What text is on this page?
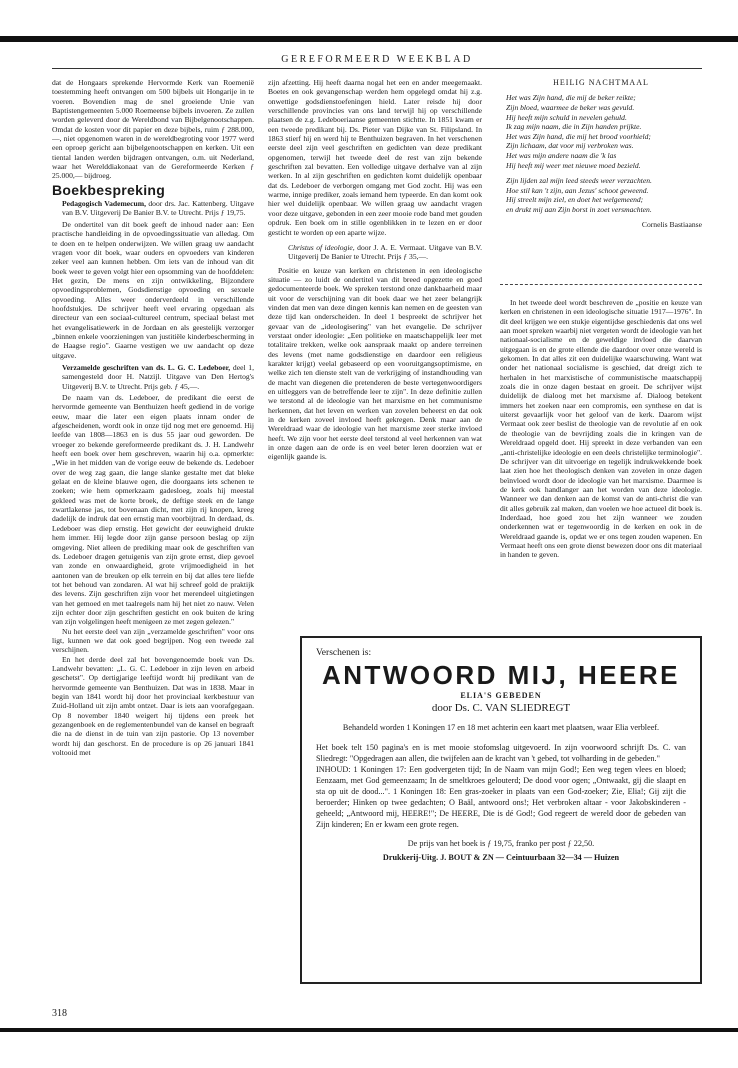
GEREFORMEERD WEEKBLAD

dat de Hongaars sprekende Hervormde Kerk van Roemenië toestemming heeft ontvangen om 500 bijbels uit Hongarije in te voeren. Bovendien mag de snel groeiende Unie van Baptistengemeenten 5.000 Roemeense bijbels invoeren. Ze zullen worden geleverd door de Wereldbond van Bijbelgenootschappen. Omdat de kosten voor dit papier en deze bijbels, ruim ƒ 288.000,—, niet opgenomen waren in de wereldbegroting voor 1977 werd een oproep gericht aan bijbelgenootschappen en kerken. Uit een tiental landen werden bijdragen ontvangen, o.m. uit Nederland, waar het Werelddiakonaat van de Gereformeerde Kerken ƒ 25.000,— bijdroeg.

Boekbespreking
Pedagogisch Vademecum, door drs. Jac. Kattenberg. Uitgave van B.V. Uitgeverij De Banier B.V. te Utrecht. Prijs ƒ 19,75.

De ondertitel van dit boek geeft de inhoud nader aan: Een practische handleiding in de opvoedingssituatie van alledag. Om te doen en te helpen onderwijzen. We willen graag uw aandacht vragen voor dit boek, waar ouders en opvoeders van kinderen zeker veel aan kunnen hebben. Om iets van de inhoud van dit boek weer te geven volgt hier een opsomming van de hoofddelen: Het gezin, De mens en zijn ontwikkeling, Bijzondere opvoedingsproblemen, Godsdienstige opvoeding en sexuele opvoeding. Alles weer onderverdeeld in verschillende hoofdstukjes. De schrijver heeft veel ervaring opgedaan als directeur van een sociaal-cultureel centrum, speciaal belast met het evangelisatiewerk in de Jordaan en als geestelijk verzorger „binnen enkele voorzieningen van justitiële kinderbescherming in de Haagse regio". Gaarne vestigen we uw aandacht op deze uitgave.

Verzamelde geschriften van ds. L. G. C. Ledeboer, deel 1, samengesteld door H. Natzijl. Uitgave van Den Hertog's Uitgeverij B.V. te Utrecht. Prijs geb. ƒ 45,—.

De naam van ds. Ledeboer, de predikant die eerst de hervormde gemeente van Benthuizen heeft gediend in de vorige eeuw, maar die later een eigen plaats innam onder de afgescheidenen, wordt ook in onze tijd nog met ere genoemd. Hij leefde van 1808—1863 en is dus 55 jaar oud geworden. De vroeger zo bekende gereformeerde predikant ds. J. H. Landwehr heeft een boek over hem geschreven, waarin hij o.a. opmerkte: „Wie in het midden van de vorige eeuw de bekende ds. Ledeboer over de weg zag gaan, die lange slanke gestalte met dat bleke gelaat en de kleine blauwe ogen, die doorgaans iets schenen te zoeken; wie hem opmerkzaam gadesloeg, zoals hij meestal gekleed was met de korte broek, de deftige steek en de lange zwartlakense jas, tot bovenaan dicht, met zijn rij knopen, kreeg dadelijk de indruk dat een ernstig man voorbijtrad. In derdaad, ds. Ledeboer was diep ernstig. Het gewicht der eeuwigheid drukte hem immer. Hij legde door zijn ganse persoon beslag op zijn omgeving. Niet alleen de prediking maar ook de geschriften van ds. Ledeboer dragen getuigenis van zijn grote ernst, diep gevoel van zonde en onwaardigheid, grote vrijmoedigheid in het aantonen van de breuken op elk terrein en bij dat alles tere liefde tot het behoud van zondaren. Al wat hij schreef gold de praktijk des levens. Zijn geschriften zijn voor het merendeel uitgietingen van het gemoed en met taalregels nam hij het niet zo nauw. Velen zijn echter door zijn geschriften gesticht en ook buiten de kring van zijn volgelingen heeft menigeen ze met zegen gelezen."

Nu het eerste deel van zijn „verzamelde geschriften" voor ons ligt, kunnen we dat ook goed begrijpen. Nog een tweede zal verschijnen.

En het derde deel zal het bovengenoemde boek van Ds. Landwehr bevatten: „L. G. C. Ledeboer in zijn leven en arbeid geschetst". Op dertigjarige leeftijd wordt hij predikant van de hervormde gemeente van Benthuizen. Dat was in 1838. Maar in begin van 1841 wordt hij door het provinciaal kerkbestuur van Zuid-Holland uit zijn ambt ontzet. Daar is iets aan voorafgegaan. Op 8 november 1840 weigert hij tijdens een preek het gezangenboek en de reglementenbundel van de kansel en begraaft die na de dienst in de tuin van zijn pastorie. Op 13 november wordt hij dan geschorst. En de procedure is op 26 januari 1841 voltooid met

zijn afzetting. Hij heeft daarna nogal het een en ander meegemaakt. Boetes en ook gevangenschap werden hem opgelegd omdat hij z.g. onwettige godsdienstoefeningen hield. Later reisde hij door verschillende provincies van ons land terwijl hij op verschillende plaatsen de z.g. Ledeboeriaanse gemeenten stichtte. In 1851 kwam er een tweede predikant bij. Ds. Pieter van Dijke van St. Filipsland. In 1863 stierf hij en werd hij te Benthuizen begraven. In het verschenen eerste deel zijn veel geschriften en gedichten van deze predikant opgenomen, terwijl het tweede deel de rest van zijn bekende geschriften zal bevatten. Een volledige uitgave derhalve van al zijn werken. In al zijn geschriften en gedichten komt duidelijk openbaar dat ds. Ledeboer de verborgen omgang met God zocht. Hij was een warme, innige prediker, zoals iemand hem typeerde. En dan komt ook hier wel duidelijk openbaar. We willen graag uw aandacht vragen voor deze uitgave, gebonden in een zeer mooie rode band met gouden opdruk. Een boek om in stille ogenblikken in te lezen en er door gesticht te worden op een aparte wijze.

Christus of ideologie, door J. A. E. Vermaat. Uitgave van B.V. Uitgeverij De Banier te Utrecht. Prijs ƒ 35,—.

Positie en keuze van kerken en christenen in een ideologische situatie — zo luidt de ondertitel van dit breed opgezette en goed gedocumenteerde boek. We spreken terstond onze dankbaarheid maar uit voor de verschijning van dit boek daar we het zeer belangrijk vinden dat men van deze dingen kennis kan nemen en de geesten van deze tijd kan onderscheiden. In deel 1 bespreekt de schrijver het gevaar van de „ideologisering" van het evangelie. De schrijver verstaat onder ideologie: „Een politieke en maatschappelijk leer met totalitaire trekken, welke ook aanspraak maakt op andere terreinen des levens (met name godsdienstige en daardoor een religieus karakter krijgt) veelal gebaseerd op een vooruitgangsoptimisme, en welke zich ten dienste stelt van de verkrijging of instandhouding van de macht van diegenen die pretenderen de beste vertegenwoordigers en uitleggers van de betreffende leer te zijn". In deze definitie zullen we terstond al de ideologie van het marxisme en het communisme herkennen, dat het leven en werken van zovelen beheerst en dat ook in de kerken zoveel invloed heeft gekregen. Denk maar aan de Wereldraad waar de ideologie van het marxisme zeer sterke invloed heeft. We zijn voor het eerste deel terstond al veel herkennen van wat in onze dagen aan de orde is en veel beter leren doorzien wat er eigenlijk gaande is.

HEILIG NACHTMAAL
Het was Zijn hand, die mij de beker reikte;
Zijn bloed, waarmee de beker was gevuld.
Hij heeft mijn schuld in nevelen gehuld.
Ik zag mijn naam, die in Zijn handen prijkte.
Het was Zijn hand, die mij het brood voorhield;
Zijn lichaam, dat voor mij verbroken was.
Het was mijn andere naam die 'k las
Hij heeft mij weer met nieuwe moed bezield.
Zijn lijden zal mijn leed steeds weer verzachten.
Hoe stil kan 't zijn, aan Jezus' schoot geweend.
Hij streelt mijn ziel, en doet het welgemeend;
en drukt mij aan Zijn borst in zoet versmachten.
Cornelis Bastiaanse

In het tweede deel wordt beschreven de „positie en keuze van kerken en christenen in een ideologische situatie 1917—1976". In dit deel krijgen we een stukje eigentijdse geschiedenis dat ons wel aan moet spreken waarbij niet vergeten wordt de ideologie van het nationaal-socialisme en de geweldige invloed die daarvan uitgegaan is en de grote ellende die daardoor over onze wereld is gekomen. In dat alles zit een duidelijke waarschuwing. Want wat onder het nationaal socialisme is geschied, dat dreigt zich te herhalen in het marxistische of communistische maatschappij zoals die in onze dagen bestaat en groeit. De schrijver wijst duidelijk de dialoog met het marxisme af. Dialoog betekent immers het zoeken naar een compromis, een synthese en dat is uiterst gevaarlijk voor het geloof van de kerk. Daarom wijst Vermaat ook zeer beslist de theologie van de revolutie af en ook de theologie van de bevrijding zoals die in kringen van de Wereldraad opgeld doet. Hij spreekt in deze verbanden van een „anti-christelijke ideologie en een deels christelijke terminologie". De schrijver van dit uitvoerige en tegelijk indrukwekkende boek laat zien hoe het theologisch denken van zovelen in onze dagen beïnvloed wordt door de ideologie van het marxisme. Daarmee is de kerk ook handlanger aan het worden van deze ideologie. Wanneer we dan denken aan de komst van de anti-christ die van dit alles gebruik zal maken, dan voelen we hoe actueel dit boek is. Inderdaad, hoe goed zou het zijn wanneer we zouden onderkennen wat er tegenwoordig in de kerken en ook in de Wereldraad gaande is, opdat we er ons tegen zouden wapenen. En Vermaat heeft ons een grote dienst bewezen door ons dit materiaal in handen te geven.

Verschenen is:
ANTWOORD MIJ, HEERE
ELIA'S GEBEDEN
door Ds. C. VAN SLIEDREGT
Behandeld worden 1 Koningen 17 en 18 met achterin een kaart met plaatsen, waar Elia verbleef.
Het boek telt 150 pagina's en is met mooie stofomslag uitgevoerd. In zijn voorwoord schrijft Ds. C. van Sliedregt: "Opgedragen aan allen, die twijfelen aan de kracht van 't gebed, tot volharding in de gebeden."
INHOUD: 1 Koningen 17: Een godvergeten tijd; In de Naam van mijn God!; Een weg tegen vlees en bloed; Eenzaam, met God gemeenzaam; In de smeltkroes gelouterd; De dood voor ogen; „Ontwaakt, gij die slaapt en sta op uit de dood...". 1 Koningen 18: Een gras-zoeker in plaats van een God-zoeker; Zie, Elia!; Gij zijt die beroerder; Hinken op twee gedachten; O Baäl, antwoord ons!; Het verbroken altaar - voor Jakobskinderen - geheeld; „Antwoord mij, HEERE!"; De HEERE, Die is dé God!; God regeert de wereld door de gebeden van Zijn kinderen; En er kwam een grote regen.
De prijs van het boek is ƒ 19,75, franko per post ƒ 22,50.
Drukkerij-Uitg. J. BOUT & ZN — Ceintuurbaan 32—34 — Huizen
318
